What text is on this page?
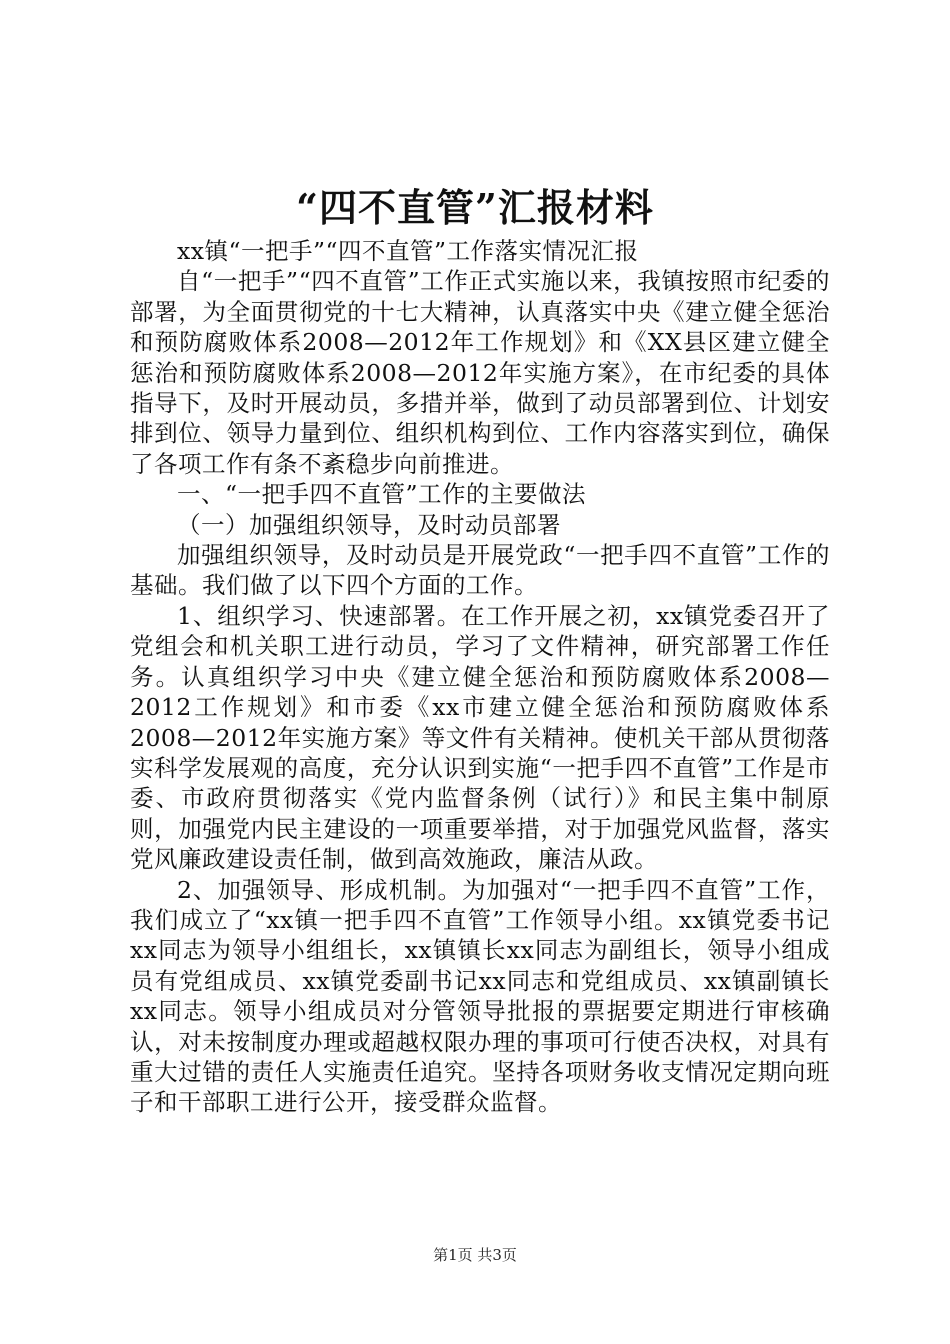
“四不直管”汇报材料

xx镇“一把手”“四不直管”工作落实情况汇报

自“一把手”“四不直管”工作正式实施以来，我镇按照市纪委的部署，为全面贯彻党的十七大精神，认真落实中央《建立健全惩治和预防腐败体系2008—2012年工作规划》和《XX县区建立健全惩治和预防腐败体系2008—2012年实施方案》，在市纪委的具体指导下，及时开展动员，多措并举，做到了动员部署到位、计划安排到位、领导力量到位、组织机构到位、工作内容落实到位，确保了各项工作有条不紊稳步向前推进。

一、“一把手四不直管”工作的主要做法

（一）加强组织领导，及时动员部署

加强组织领导，及时动员是开展党政“一把手四不直管”工作的基础。我们做了以下四个方面的工作。

1、组织学习、快速部署。在工作开展之初，xx镇党委召开了党组会和机关职工进行动员，学习了文件精神，研究部署工作任务。认真组织学习中央《建立健全惩治和预防腐败体系2008—2012工作规划》和市委《xx市建立健全惩治和预防腐败体系2008—2012年实施方案》等文件有关精神。使机关干部从贯彻落实科学发展观的高度，充分认识到实施“一把手四不直管”工作是市委、市政府贯彻落实《党内监督条例（试行）》和民主集中制原则，加强党内民主建设的一项重要举措，对于加强党风监督，落实党风廉政建设责任制，做到高效施政，廉洁从政。

2、加强领导、形成机制。为加强对“一把手四不直管”工作，我们成立了“xx镇一把手四不直管”工作领导小组。xx镇党委书记xx同志为领导小组组长，xx镇镇长xx同志为副组长，领导小组成员有党组成员、xx镇党委副书记xx同志和党组成员、xx镇副镇长xx同志。领导小组成员对分管领导批报的票据要定期进行审核确认，对未按制度办理或超越权限办理的事项可行使否决权，对具有重大过错的责任人实施责任追究。坚持各项财务收支情况定期向班子和干部职工进行公开，接受群众监督。

第1页 共3页
